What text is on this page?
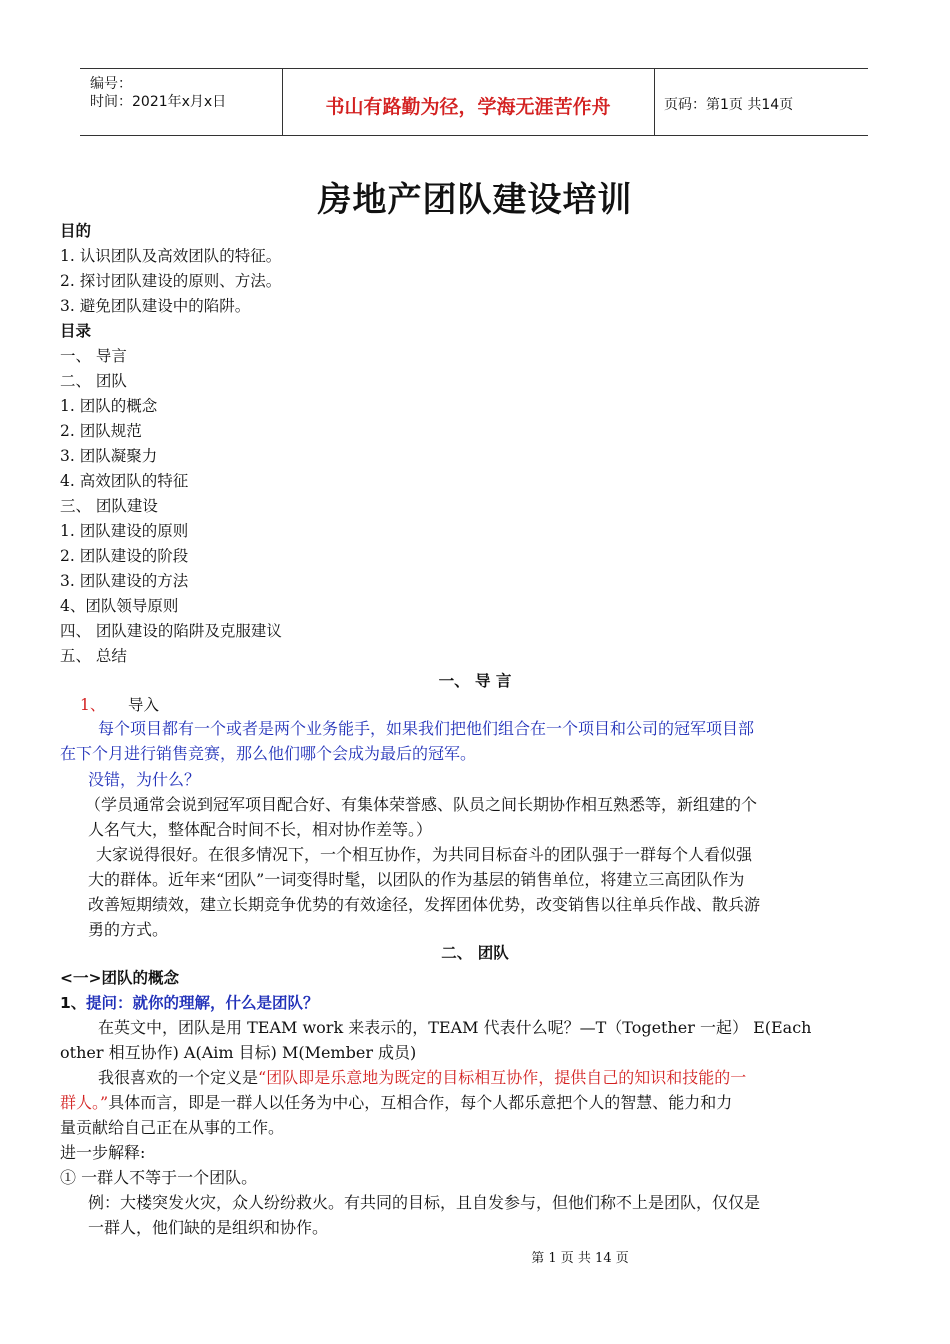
编号：
时间：2021年x月x日	书山有路勤为径，学海无涯苦作舟	页码：第1页 共14页
房地产团队建设培训
目的
1. 认识团队及高效团队的特征。
2. 探讨团队建设的原则、方法。
3. 避免团队建设中的陷阱。
目录
一、 导言
二、 团队
1. 团队的概念
2. 团队规范
3. 团队凝聚力
4. 高效团队的特征
三、 团队建设
1. 团队建设的原则
2. 团队建设的阶段
3. 团队建设的方法
4、团队领导原则
四、 团队建设的陷阱及克服建议
五、 总结
一、 导 言
1、 导入
每个项目都有一个或者是两个业务能手，如果我们把他们组合在一个项目和公司的冠军项目部
在下个月进行销售竞赛，那么他们哪个会成为最后的冠军。
没错，为什么？
（学员通常会说到冠军项目配合好、有集体荣誉感、队员之间长期协作相互熟悉等，新组建的个
人名气大，整体配合时间不长，相对协作差等。）
大家说得很好。在很多情况下，一个相互协作，为共同目标奋斗的团队强于一群每个人看似强
大的群体。近年来“团队”一词变得时髦，以团队的作为基层的销售单位，将建立三高团队作为
改善短期绩效，建立长期竞争优势的有效途径，发挥团体优势，改变销售以往单兵作战、散兵游
勇的方式。
二、 团队
<一>团队的概念
1、 提问：就你的理解，什么是团队？
在英文中，团队是用 TEAM work 来表示的，TEAM 代表什么呢？—T（Together 一起） E(Each
other 相互协作) A(Aim 目标) M(Member 成员)
我很喜欢的一个定义是“团队即是乐意地为既定的目标相互协作，提供自己的知识和技能的一
群人。”具体而言，即是一群人以任务为中心，互相合作，每个人都乐意把个人的智慧、能力和力
量贡献给自己正在从事的工作。
进一步解释:
① 一群人不等于一个团队。
例：大楼突发火灾，众人纷纷救火。有共同的目标，且自发参与，但他们称不上是团队，仅仅是
一群人，他们缺的是组织和协作。
第 1 页 共 14 页
